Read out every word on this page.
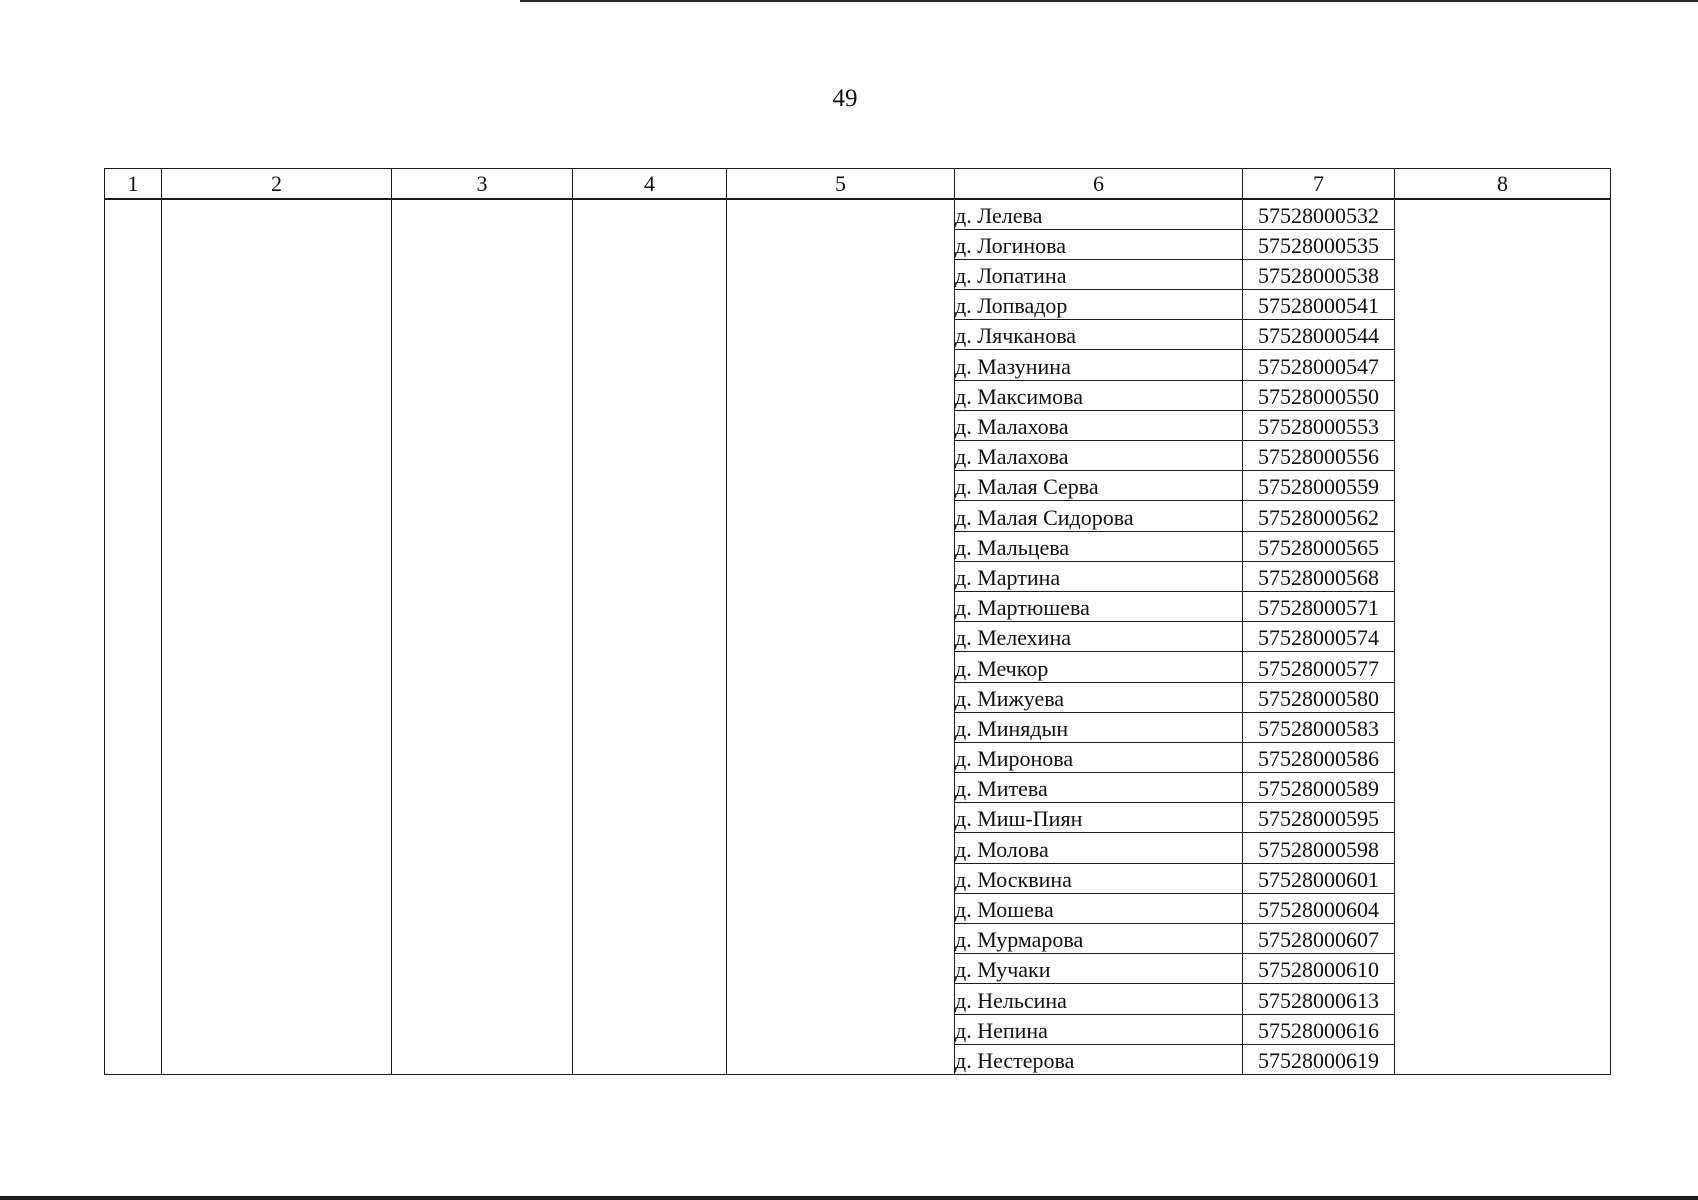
49
1	2	3	4	5	6	7	8
					д. Лелева	57528000532	
					д. Логинова	57528000535	
					д. Лопатина	57528000538	
					д. Лопвадор	57528000541	
					д. Лячканова	57528000544	
					д. Мазунина	57528000547	
					д. Максимова	57528000550	
					д. Малахова	57528000553	
					д. Малахова	57528000556	
					д. Малая Серва	57528000559	
					д. Малая Сидорова	57528000562	
					д. Мальцева	57528000565	
					д. Мартина	57528000568	
					д. Мартюшева	57528000571	
					д. Мелехина	57528000574	
					д. Мечкор	57528000577	
					д. Мижуева	57528000580	
					д. Минядын	57528000583	
					д. Миронова	57528000586	
					д. Митева	57528000589	
					д. Миш-Пиян	57528000595	
					д. Молова	57528000598	
					д. Москвина	57528000601	
					д. Мошева	57528000604	
					д. Мурмарова	57528000607	
					д. Мучаки	57528000610	
					д. Нельсина	57528000613	
					д. Непина	57528000616	
					д. Нестерова	57528000619	
